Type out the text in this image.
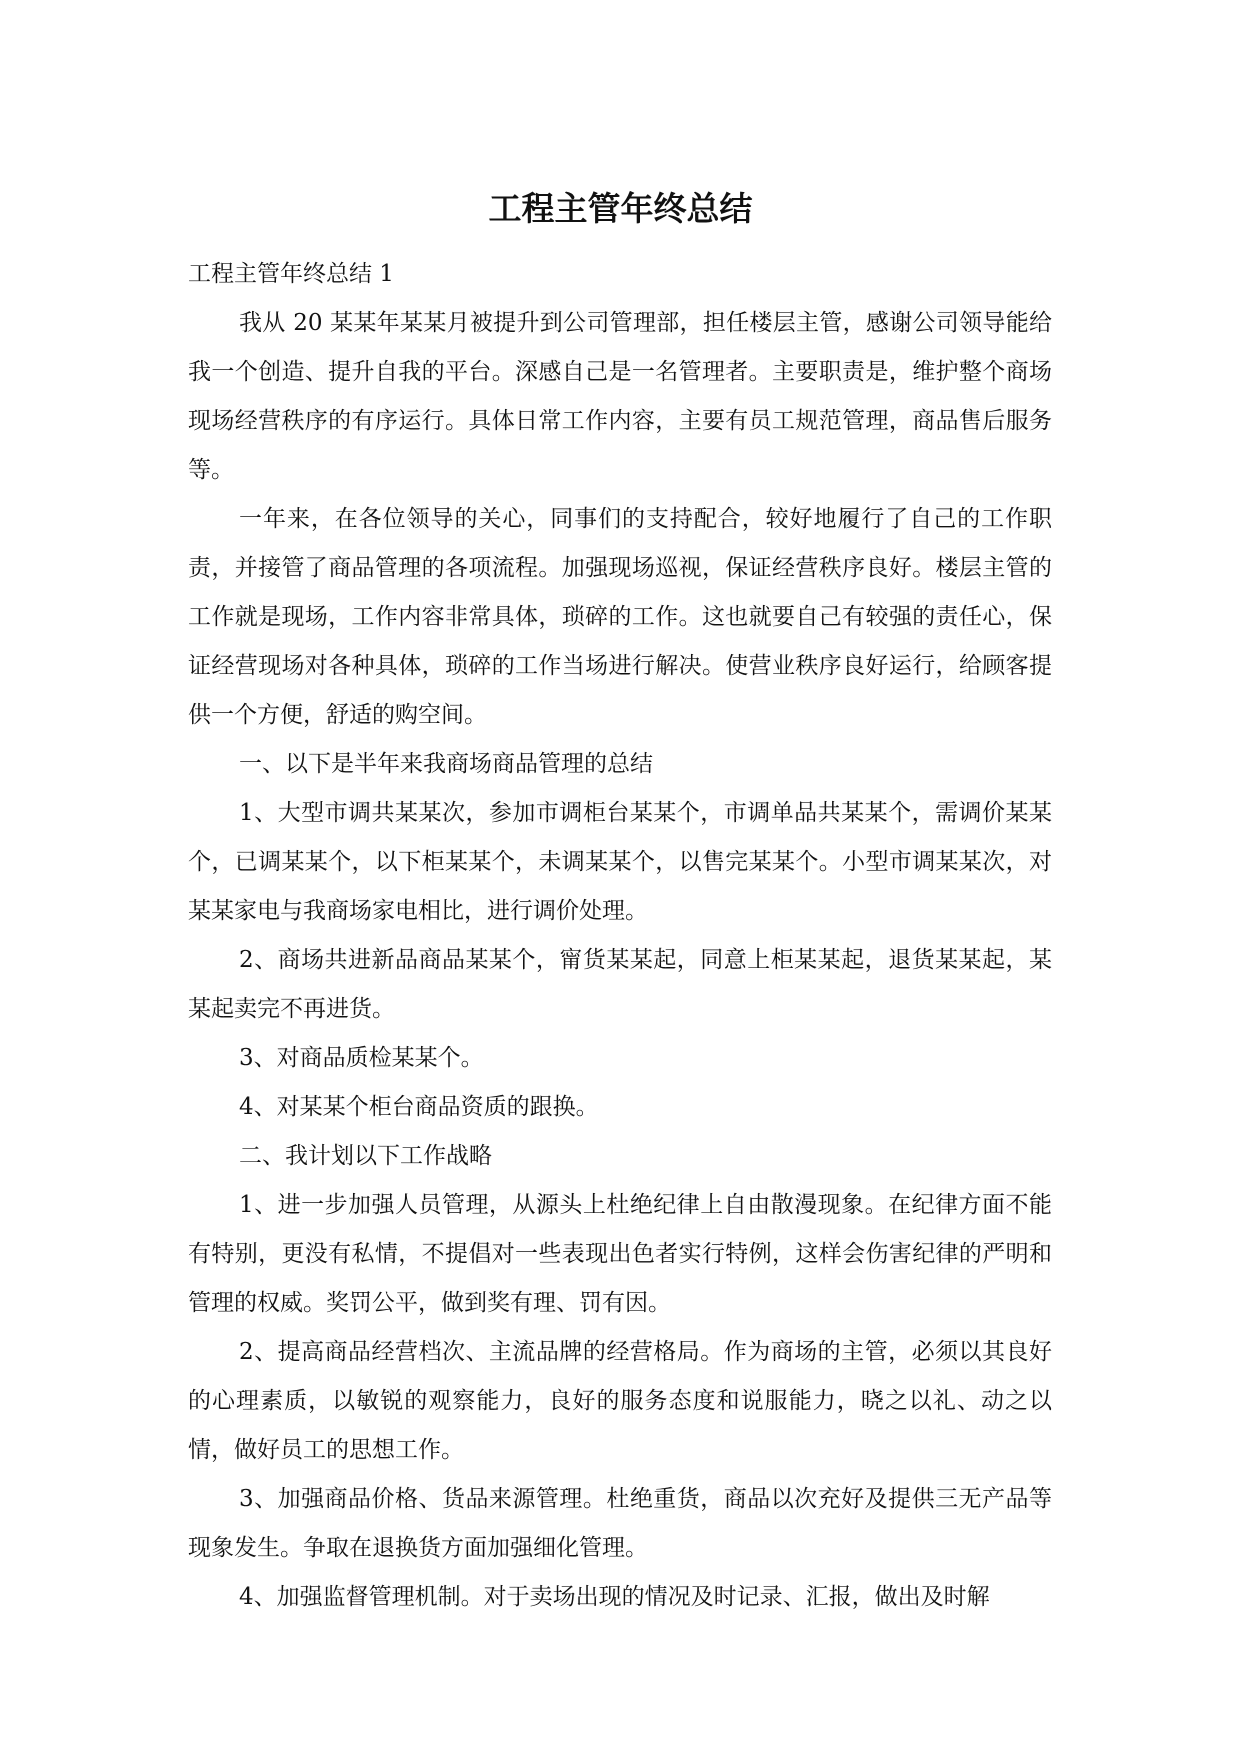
工程主管年终总结

工程主管年终总结 1

我从 20 某某年某某月被提升到公司管理部，担任楼层主管，感谢公司领导能给我一个创造、提升自我的平台。深感自己是一名管理者。主要职责是，维护整个商场现场经营秩序的有序运行。具体日常工作内容，主要有员工规范管理，商品售后服务等。

一年来，在各位领导的关心，同事们的支持配合，较好地履行了自己的工作职责，并接管了商品管理的各项流程。加强现场巡视，保证经营秩序良好。楼层主管的工作就是现场，工作内容非常具体，琐碎的工作。这也就要自己有较强的责任心，保证经营现场对各种具体，琐碎的工作当场进行解决。使营业秩序良好运行，给顾客提供一个方便，舒适的购空间。

一、以下是半年来我商场商品管理的总结

1、大型市调共某某次，参加市调柜台某某个，市调单品共某某个，需调价某某个，已调某某个，以下柜某某个，未调某某个，以售完某某个。小型市调某某次，对某某家电与我商场家电相比，进行调价处理。

2、商场共进新品商品某某个，甯货某某起，同意上柜某某起，退货某某起，某某起卖完不再进货。

3、对商品质检某某个。

4、对某某个柜台商品资质的跟换。

二、我计划以下工作战略

1、进一步加强人员管理，从源头上杜绝纪律上自由散漫现象。在纪律方面不能有特别，更没有私情，不提倡对一些表现出色者实行特例，这样会伤害纪律的严明和管理的权威。奖罚公平，做到奖有理、罚有因。

2、提高商品经营档次、主流品牌的经营格局。作为商场的主管，必须以其良好的心理素质，以敏锐的观察能力，良好的服务态度和说服能力，晓之以礼、动之以情，做好员工的思想工作。

3、加强商品价格、货品来源管理。杜绝重货，商品以次充好及提供三无产品等现象发生。争取在退换货方面加强细化管理。

4、加强监督管理机制。对于卖场出现的情况及时记录、汇报，做出及时解
